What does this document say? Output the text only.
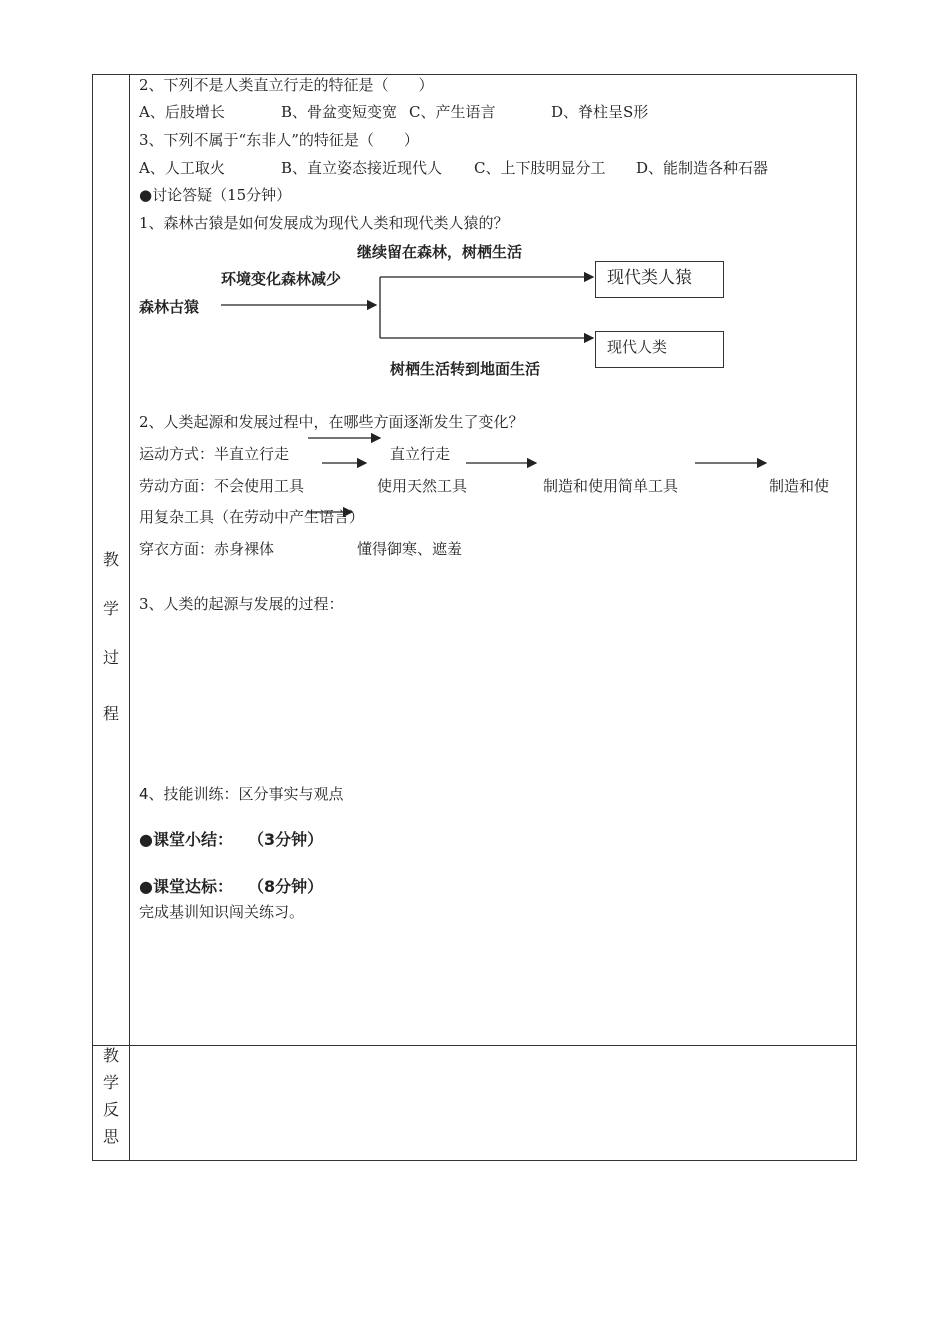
教
学
过
程
教
学
反
思
2、下列不是人类直立行走的特征是（　　）
A、后肢增长	B、骨盆变短变宽 C、产生语言	D、脊柱呈S形
3、下列不属于“东非人”的特征是（　　）
A、人工取火	B、直立姿态接近现代人 C、上下肢明显分工 D、能制造各种石器
●讨论答疑（15分钟）
1、森林古猿是如何发展成为现代人类和现代类人猿的？
继续留在森林，树栖生活
环境变化森林减少
森林古猿
树栖生活转到地面生活
现代类人猿
现代人类
2、人类起源和发展过程中，在哪些方面逐渐发生了变化？
运动方式：半直立行走	直立行走
劳动方面：不会使用工具	使用天然工具	制造和使用简单工具	制造和使
用复杂工具（在劳动中产生语言）
穿衣方面：赤身裸体	懂得御寒、遮羞
3、人类的起源与发展的过程：
4、技能训练：区分事实与观点
●课堂小结： （3分钟）
●课堂达标： （8分钟）
完成基训知识闯关练习。
